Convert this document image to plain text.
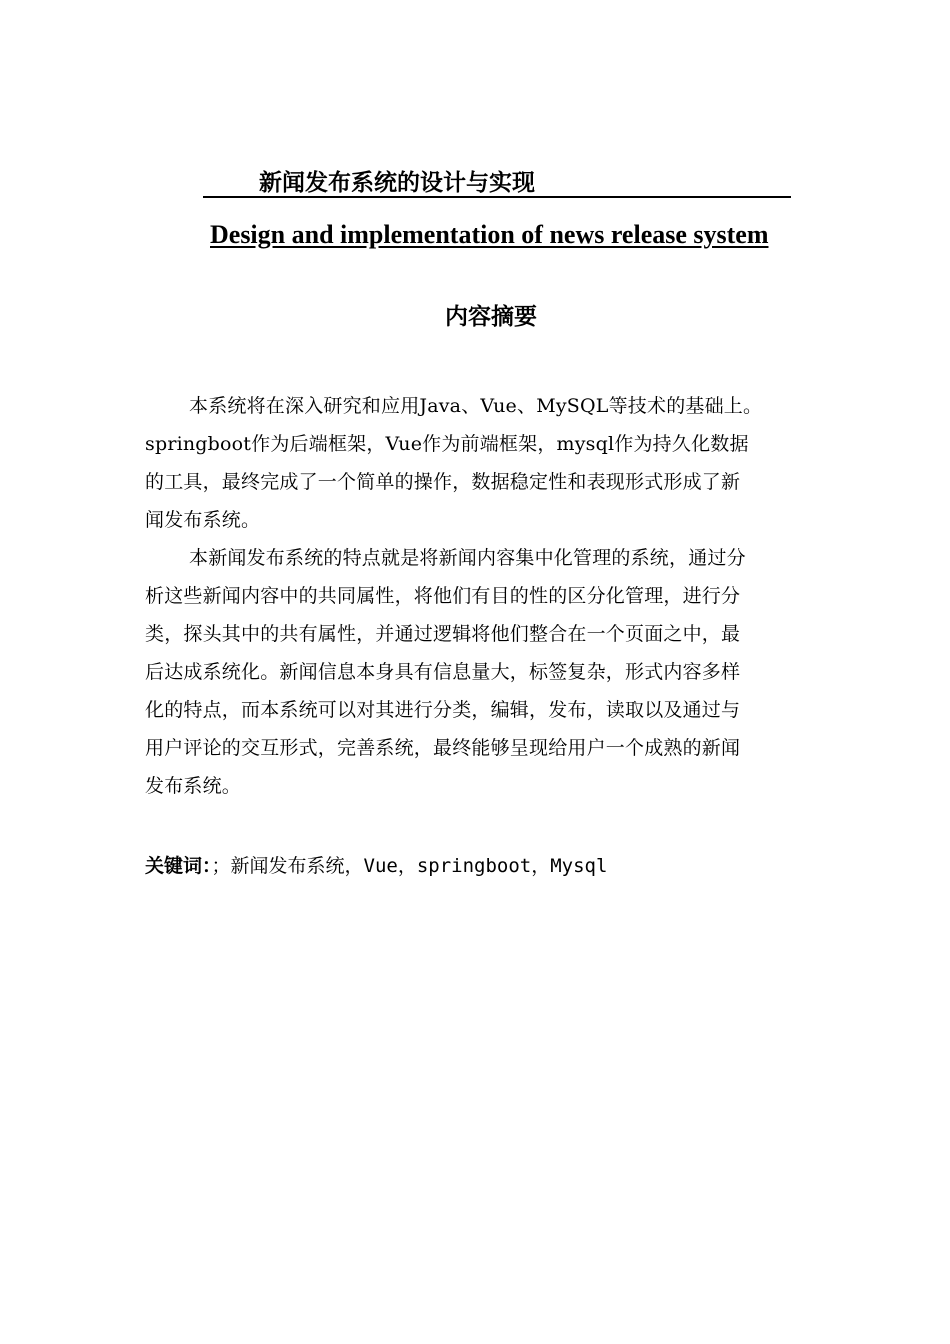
新闻发布系统的设计与实现
Design and implementation of news release system
内容摘要
本系统将在深入研究和应用Java、Vue、MySQL等技术的基础上。
springboot作为后端框架，Vue作为前端框架，mysql作为持久化数据
的工具，最终完成了一个简单的操作，数据稳定性和表现形式形成了新
闻发布系统。
本新闻发布系统的特点就是将新闻内容集中化管理的系统，通过分
析这些新闻内容中的共同属性，将他们有目的性的区分化管理，进行分
类，探头其中的共有属性，并通过逻辑将他们整合在一个页面之中，最
后达成系统化。新闻信息本身具有信息量大，标签复杂，形式内容多样
化的特点，而本系统可以对其进行分类，编辑，发布，读取以及通过与
用户评论的交互形式，完善系统，最终能够呈现给用户一个成熟的新闻
发布系统。
关键词：；新闻发布系统，Vue，springboot，Mysql
